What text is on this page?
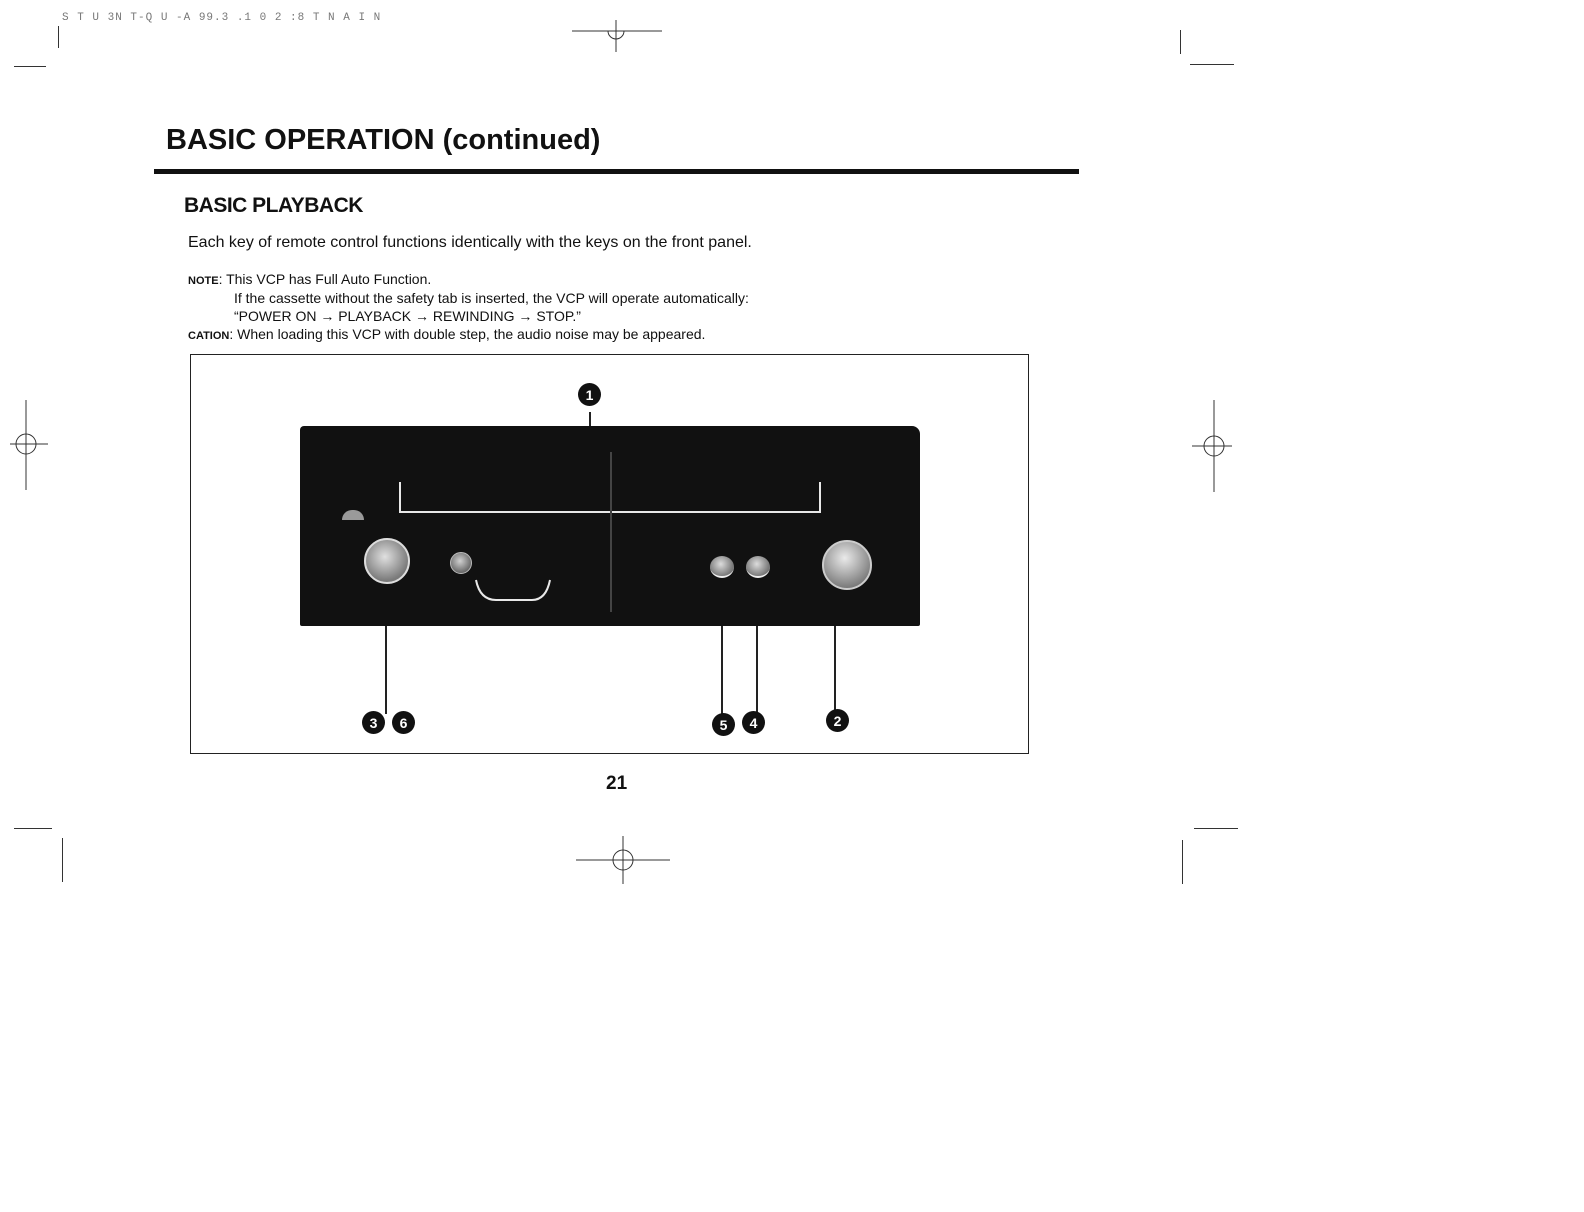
S T U 3N T-Q U -A 99.3 .1 0 2 :8 T N A I N
BASIC OPERATION (continued)
BASIC PLAYBACK
Each key of remote control functions identically with the keys on the front panel.
NOTE: This VCP has Full Auto Function.
If the cassette without the safety tab is inserted, the VCP will operate automatically:
“POWER ON → PLAYBACK → REWINDING → STOP.”
CATION: When loading this VCP with double step, the audio noise may be appeared.
1
3	6	5	4	2
21
